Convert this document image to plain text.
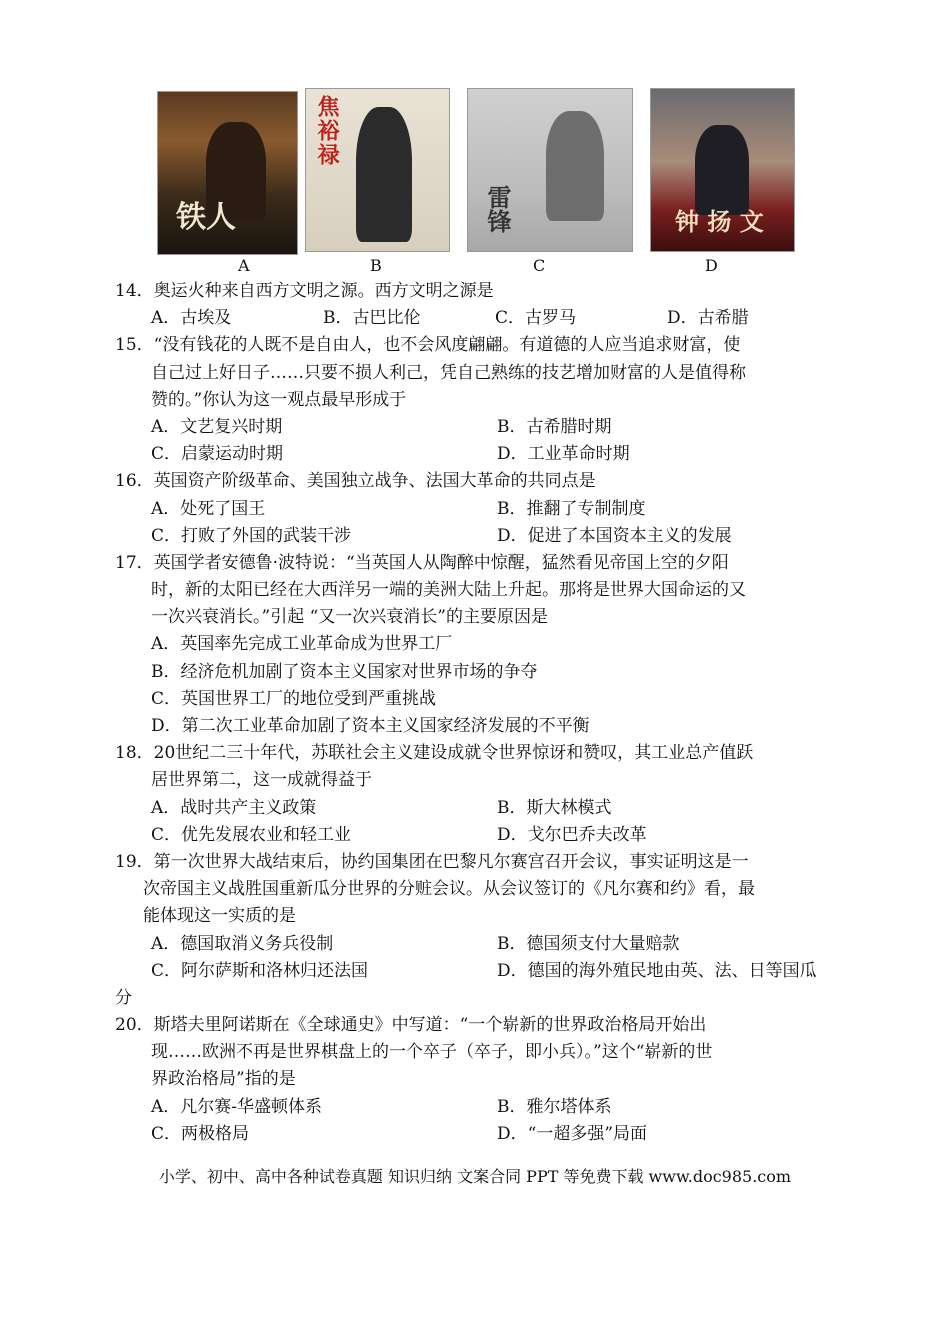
铁人
焦裕禄
雷锋	钟 扬 文
A	B	C	D
14．奥运火种来自西方文明之源。西方文明之源是
A．古埃及	B．古巴比伦	C．古罗马	D．古希腊
15．“没有钱花的人既不是自由人，也不会风度翩翩。有道德的人应当追求财富，使
自己过上好日子……只要不损人利己，凭自己熟练的技艺增加财富的人是值得称
赞的。”你认为这一观点最早形成于
A．文艺复兴时期	B．古希腊时期
C．启蒙运动时期	D．工业革命时期
16．英国资产阶级革命、美国独立战争、法国大革命的共同点是
A．处死了国王	B．推翻了专制制度
C．打败了外国的武装干涉	D．促进了本国资本主义的发展
17．英国学者安德鲁·波特说：“当英国人从陶醉中惊醒，猛然看见帝国上空的夕阳
时，新的太阳已经在大西洋另一端的美洲大陆上升起。那将是世界大国命运的又
一次兴衰消长。”引起 “又一次兴衰消长”的主要原因是
A．英国率先完成工业革命成为世界工厂
B．经济危机加剧了资本主义国家对世界市场的争夺
C．英国世界工厂的地位受到严重挑战
D．第二次工业革命加剧了资本主义国家经济发展的不平衡
18．20世纪二三十年代，苏联社会主义建设成就令世界惊讶和赞叹，其工业总产值跃
居世界第二，这一成就得益于
A．战时共产主义政策	B．斯大林模式
C．优先发展农业和轻工业	D．戈尔巴乔夫改革
19．第一次世界大战结束后，协约国集团在巴黎凡尔赛宫召开会议，事实证明这是一
次帝国主义战胜国重新瓜分世界的分赃会议。从会议签订的《凡尔赛和约》看，最
能体现这一实质的是
A．德国取消义务兵役制	B．德国须支付大量赔款
C．阿尔萨斯和洛林归还法国	D．德国的海外殖民地由英、法、日等国瓜
分
20．斯塔夫里阿诺斯在《全球通史》中写道：“一个崭新的世界政治格局开始出
现……欧洲不再是世界棋盘上的一个卒子（卒子，即小兵）。”这个“崭新的世
界政治格局”指的是
A．凡尔赛-华盛顿体系	B．雅尔塔体系
C．两极格局	D．“一超多强”局面
小学、初中、高中各种试卷真题 知识归纳 文案合同 PPT 等免费下载 www.doc985.com
